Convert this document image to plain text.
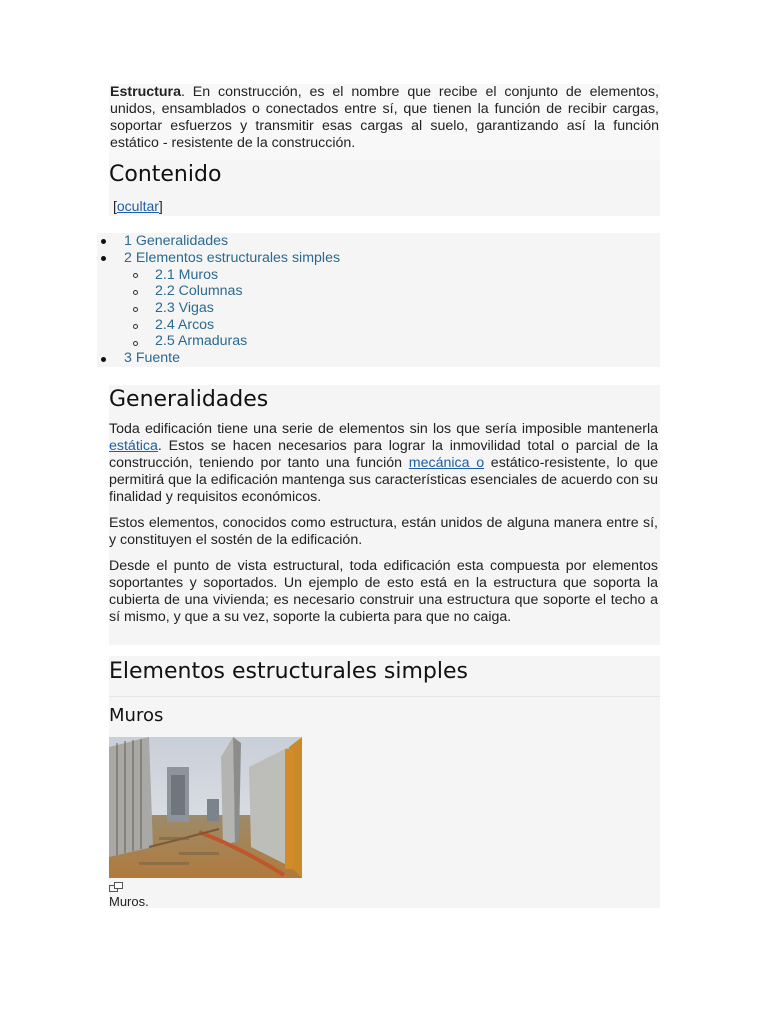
Estructura. En construcción, es el nombre que recibe el conjunto de elementos, unidos, ensamblados o conectados entre sí, que tienen la función de recibir cargas, soportar esfuerzos y transmitir esas cargas al suelo, garantizando así la función estático - resistente de la construcción.
Contenido
[ocultar]
1 Generalidades
2 Elementos estructurales simples
2.1 Muros
2.2 Columnas
2.3 Vigas
2.4 Arcos
2.5 Armaduras
3 Fuente
Generalidades
Toda edificación tiene una serie de elementos sin los que sería imposible mantenerla estática. Estos se hacen necesarios para lograr la inmovilidad total o parcial de la construcción, teniendo por tanto una función mecánica o estático-resistente, lo que permitirá que la edificación mantenga sus características esenciales de acuerdo con su finalidad y requisitos económicos.
Estos elementos, conocidos como estructura, están unidos de alguna manera entre sí, y constituyen el sostén de la edificación.
Desde el punto de vista estructural, toda edificación esta compuesta por elementos soportantes y soportados. Un ejemplo de esto está en la estructura que soporta la cubierta de una vivienda; es necesario construir una estructura que soporte el techo a sí mismo, y que a su vez, soporte la cubierta para que no caiga.
Elementos estructurales simples
Muros
Muros.
